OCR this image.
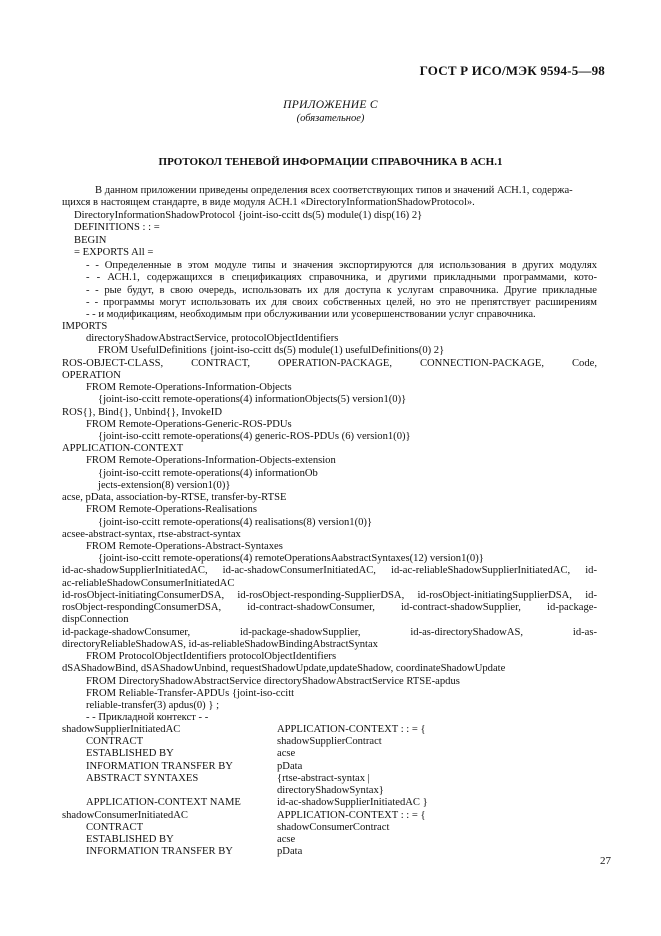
ГОСТ Р ИСО/МЭК 9594-5—98
ПРИЛОЖЕНИЕ С
(обязательное)
ПРОТОКОЛ ТЕНЕВОЙ ИНФОРМАЦИИ СПРАВОЧНИКА В АСН.1
В данном приложении приведены определения всех соответствующих типов и значений АСН.1, содержа-
щихся в настоящем стандарте, в виде модуля АСН.1 «DirectoryInformationShadowProtocol».
DirectoryInformationShadowProtocol {joint-iso-ccitt ds(5) module(1) disp(16) 2}
DEFINITIONS : : =
BEGIN
= EXPORTS All =
- - Определенные в этом модуле типы и значения экспортируются для использования в других модулях
- - АСН.1, содержащихся в спецификациях справочника, и другими прикладными программами, кото-
- - рые будут, в свою очередь, использовать их для доступа к услугам справочника. Другие прикладные
- - программы могут использовать их для своих собственных целей, но это не препятствует расширениям
- - и модификациям, необходимым при обслуживании или усовершенствовании услуг справочника.
IMPORTS
directoryShadowAbstractService, protocolObjectIdentifiers
FROM UsefulDefinitions {joint-iso-ccitt ds(5) module(1) usefulDefinitions(0) 2}
ROS-OBJECT-CLASS, CONTRACT, OPERATION-PACKAGE, CONNECTION-PACKAGE, Code,
OPERATION
FROM Remote-Operations-Information-Objects
{joint-iso-ccitt remote-operations(4) informationObjects(5) version1(0)}
ROS{}, Bind{}, Unbind{}, InvokeID
FROM Remote-Operations-Generic-ROS-PDUs
{joint-iso-ccitt remote-operations(4) generic-ROS-PDUs (6) version1(0)}
APPLICATION-CONTEXT
FROM Remote-Operations-Information-Objects-extension
{joint-iso-ccitt remote-operations(4) informationOb
jects-extension(8) version1(0)}
acse, pData, association-by-RTSE, transfer-by-RTSE
FROM Remote-Operations-Realisations
{joint-iso-ccitt remote-operations(4) realisations(8) version1(0)}
acsee-abstract-syntax, rtse-abstract-syntax
FROM Remote-Operations-Abstract-Syntaxes
{joint-iso-ccitt remote-operations(4) remoteOperationsAabstractSyntaxes(12) version1(0)}
id-ac-shadowSupplierInitiatedAC, id-ac-shadowConsumerInitiatedAC, id-ac-reliableShadowSupplierInitiatedAC, id-
ac-reliableShadowConsumerInitiatedAC
id-rosObject-initiatingConsumerDSA, id-rosObject-responding-SupplierDSA, id-rosObject-initiatingSupplierDSA, id-
rosObject-respondingConsumerDSA, id-contract-shadowConsumer, id-contract-shadowSupplier, id-package-
dispConnection
id-package-shadowConsumer, id-package-shadowSupplier, id-as-directoryShadowAS, id-as-
directoryReliableShadowAS, id-as-reliableShadowBindingAbstractSyntax
FROM ProtocolObjectIdentifiers protocolObjectIdentifiers
dSAShadowBind, dSAShadowUnbind, requestShadowUpdate,updateShadow, coordinateShadowUpdate
FROM DirectoryShadowAbstractService directoryShadowAbstractService RTSE-apdus
FROM Reliable-Transfer-APDUs {joint-iso-ccitt
reliable-transfer(3) apdus(0) } ;
- - Прикладной контекст - -
shadowSupplierInitiatedAC	APPLICATION-CONTEXT : : = {
CONTRACT	shadowSupplierContract
ESTABLISHED BY	acse
INFORMATION TRANSFER BY	pData
ABSTRACT SYNTAXES	{rtse-abstract-syntax |
directoryShadowSyntax}
APPLICATION-CONTEXT NAME	id-ac-shadowSupplierInitiatedAC }
shadowConsumerInitiatedAC	APPLICATION-CONTEXT : : = {
CONTRACT	shadowConsumerContract
ESTABLISHED BY	acse
INFORMATION TRANSFER BY	pData
27
